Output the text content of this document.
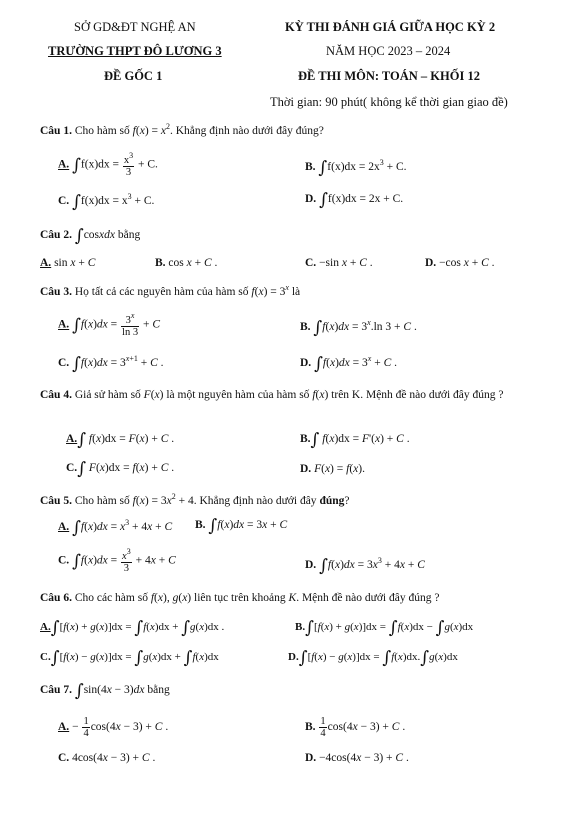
SỞ GD&ĐT NGHỆ AN
TRƯỜNG THPT ĐÔ LƯƠNG 3
ĐỀ GỐC 1
KỲ THI ĐÁNH GIÁ GIỮA HỌC KỲ 2
NĂM HỌC 2023 – 2024
ĐỀ THI MÔN: TOÁN – KHỐI 12
Thời gian: 90 phút( không kể thời gian giao đề)
Câu 1. Cho hàm số $f(x) = x^2$. Khẳng định nào dưới đây đúng?
A. $\int f(x)dx = \frac{x^3}{3} + C$.	B. $\int f(x)dx = 2x^3 + C$.
C. $\int f(x)dx = x^3 + C$.	D. ∫f(x)dx = 2x + C.
Câu 2. ∫cosxdx bằng
A. sin x + C	B. cos x + C .	C. −sin x + C .	D. −cos x + C .
Câu 3. Họ tất cả các nguyên hàm của hàm số $f(x) = 3^x$ là
A. $\int f(x)dx = \frac{3^x}{\ln 3} + C$	B. $\int f(x)dx = 3^x.\ln$ 3 + C .
C. $\int f(x)dx = 3^{x+1} + C$ .	D. $\int f(x)dx = 3^x + C$ .
Câu 4. Giả sử hàm số F(x) là một nguyên hàm của hàm số f(x) trên K. Mệnh đề nào dưới đây đúng ?
A.∫ f(x)dx = F(x) + C .	B.∫ f(x)dx = F'(x) + C .
C.∫ F(x)dx = f(x) + C .	D. F(x) = f(x).
Câu 5. Cho hàm số $f(x) = 3x^2 + 4$. Khẳng định nào dưới đây đúng?
A. $\int f(x)dx = x^3 + 4x + C$ B. ∫f(x)dx = 3x + C
C. $\int f(x)dx = \frac{x^3}{3} + 4x + C$	D. $\int f(x)dx = 3x^3 + 4x + C$
Câu 6. Cho các hàm số f(x), g(x) liên tục trên khoảng K. Mệnh đề nào dưới đây đúng ?
A.∫[f(x) + g(x)]dx = ∫f(x)dx + ∫g(x)dx .	B.∫[f(x) + g(x)]dx = ∫f(x)dx − ∫g(x)dx
C.∫[f(x) − g(x)]dx = ∫g(x)dx + ∫f(x)dx	D.∫[f(x) − g(x)]dx = ∫f(x)dx.∫g(x)dx
Câu 7. ∫sin(4x − 3)dx bằng
A. − $\frac{1}{4} \cos(4x - 3) + C$ .	B. $\frac{1}{4} \cos(4x - 3) + C$ .
C. 4cos(4x − 3) + C .	D. −4cos(4x − 3) + C .
